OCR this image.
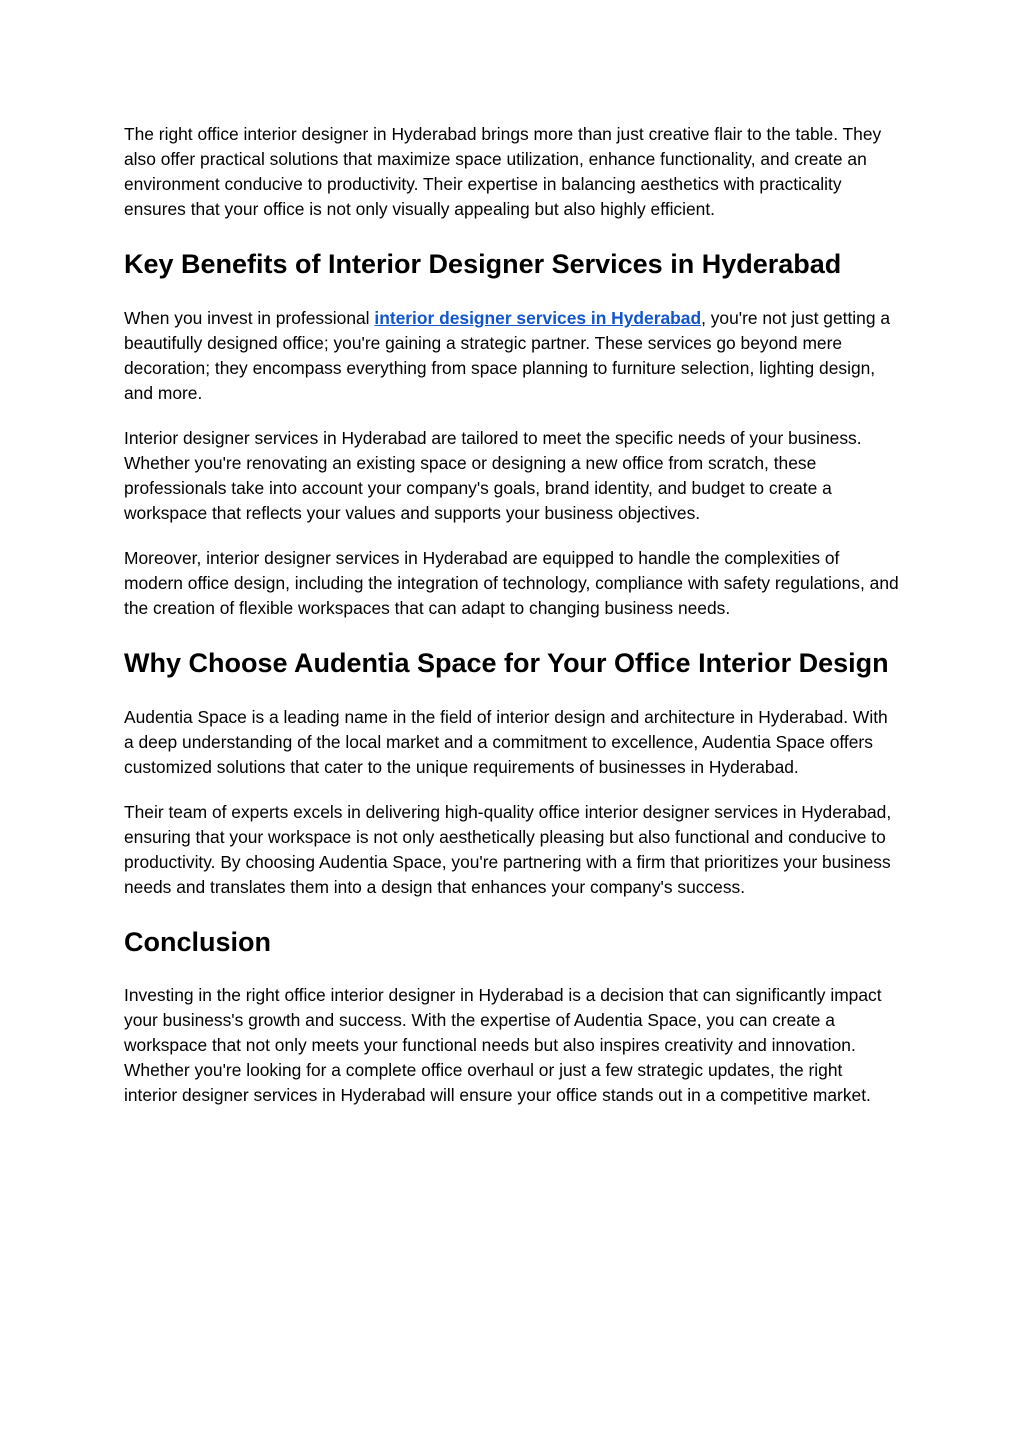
The right office interior designer in Hyderabad brings more than just creative flair to the table. They also offer practical solutions that maximize space utilization, enhance functionality, and create an environment conducive to productivity. Their expertise in balancing aesthetics with practicality ensures that your office is not only visually appealing but also highly efficient.

Key Benefits of Interior Designer Services in Hyderabad

When you invest in professional interior designer services in Hyderabad, you're not just getting a beautifully designed office; you're gaining a strategic partner. These services go beyond mere decoration; they encompass everything from space planning to furniture selection, lighting design, and more.

Interior designer services in Hyderabad are tailored to meet the specific needs of your business. Whether you're renovating an existing space or designing a new office from scratch, these professionals take into account your company's goals, brand identity, and budget to create a workspace that reflects your values and supports your business objectives.

Moreover, interior designer services in Hyderabad are equipped to handle the complexities of modern office design, including the integration of technology, compliance with safety regulations, and the creation of flexible workspaces that can adapt to changing business needs.

Why Choose Audentia Space for Your Office Interior Design

Audentia Space is a leading name in the field of interior design and architecture in Hyderabad. With a deep understanding of the local market and a commitment to excellence, Audentia Space offers customized solutions that cater to the unique requirements of businesses in Hyderabad.

Their team of experts excels in delivering high-quality office interior designer services in Hyderabad, ensuring that your workspace is not only aesthetically pleasing but also functional and conducive to productivity. By choosing Audentia Space, you're partnering with a firm that prioritizes your business needs and translates them into a design that enhances your company's success.

Conclusion

Investing in the right office interior designer in Hyderabad is a decision that can significantly impact your business's growth and success. With the expertise of Audentia Space, you can create a workspace that not only meets your functional needs but also inspires creativity and innovation. Whether you're looking for a complete office overhaul or just a few strategic updates, the right interior designer services in Hyderabad will ensure your office stands out in a competitive market.
